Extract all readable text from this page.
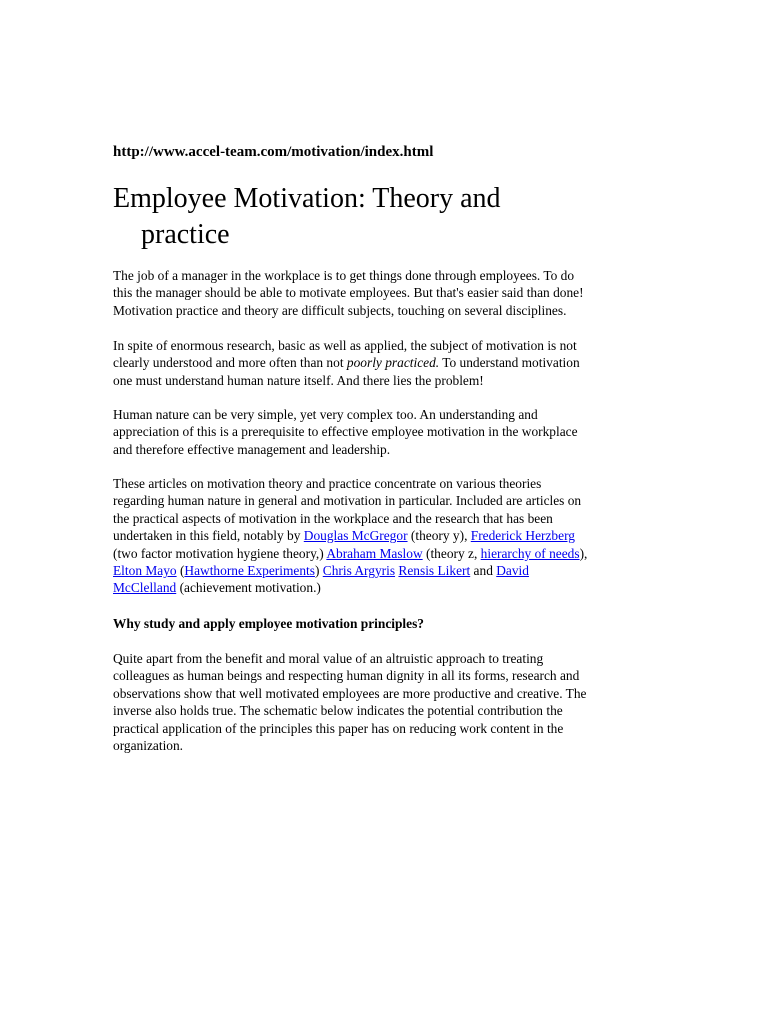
http://www.accel-team.com/motivation/index.html
Employee Motivation: Theory and
practice

The job of a manager in the workplace is to get things done through employees. To do
this the manager should be able to motivate employees. But that's easier said than done!
Motivation practice and theory are difficult subjects, touching on several disciplines.

In spite of enormous research, basic as well as applied, the subject of motivation is not
clearly understood and more often than not poorly practiced. To understand motivation
one must understand human nature itself. And there lies the problem!

Human nature can be very simple, yet very complex too. An understanding and
appreciation of this is a prerequisite to effective employee motivation in the workplace
and therefore effective management and leadership.

These articles on motivation theory and practice concentrate on various theories
regarding human nature in general and motivation in particular. Included are articles on
the practical aspects of motivation in the workplace and the research that has been
undertaken in this field, notably by Douglas McGregor (theory y), Frederick Herzberg
(two factor motivation hygiene theory,) Abraham Maslow (theory z, hierarchy of needs),
Elton Mayo (Hawthorne Experiments) Chris Argyris Rensis Likert and David
McClelland (achievement motivation.)

Why study and apply employee motivation principles?

Quite apart from the benefit and moral value of an altruistic approach to treating
colleagues as human beings and respecting human dignity in all its forms, research and
observations show that well motivated employees are more productive and creative. The
inverse also holds true. The schematic below indicates the potential contribution the
practical application of the principles this paper has on reducing work content in the
organization.
